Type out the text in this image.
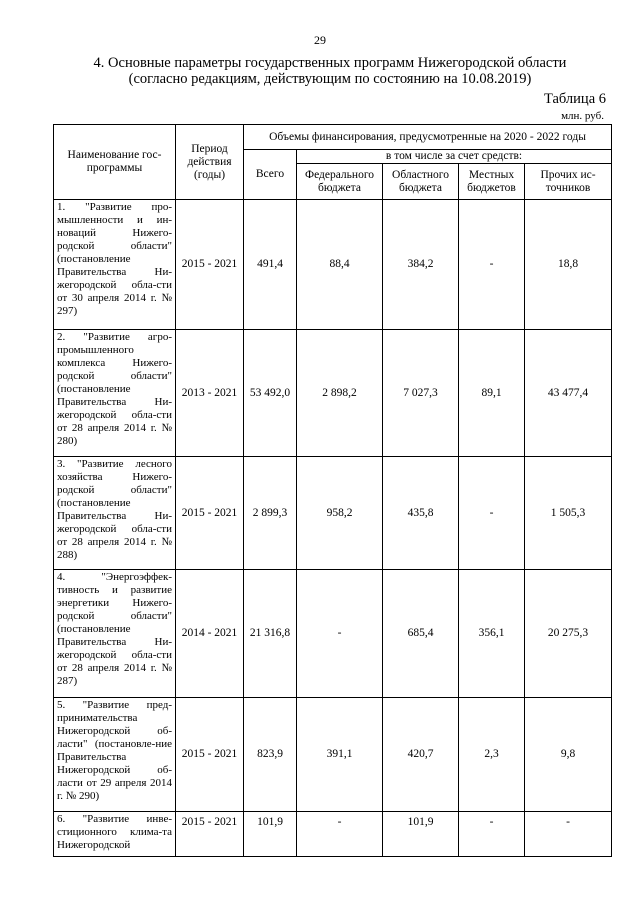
29
4. Основные параметры государственных программ Нижегородской области
(согласно редакциям, действующим по состоянию на 10.08.2019)
Таблица 6
млн. руб.
Наименование гос-программы	Период действия (годы)	Объемы финансирования, предусмотренные на 2020 - 2022 годы				
		Всего	в том числе за счет средств:			
			Федерального бюджета	Областного бюджета	Местных бюджетов	Прочих ис-точников
1. "Развитие про-мышленности и ин-новаций Нижего-родской области" (постановление Правительства Ни-жегородской обла-сти от 30 апреля 2014 г. № 297)	2015 - 2021	491,4	88,4	384,2	-	18,8
2. "Развитие агро-промышленного комплекса Нижего-родской области" (постановление Правительства Ни-жегородской обла-сти от 28 апреля 2014 г. № 280)	2013 - 2021	53 492,0	2 898,2	7 027,3	89,1	43 477,4
3. "Развитие лесного хозяйства Нижего-родской области" (постановление Правительства Ни-жегородской обла-сти от 28 апреля 2014 г. № 288)	2015 - 2021	2 899,3	958,2	435,8	-	1 505,3
4. "Энергоэффек-тивность и развитие энергетики Нижего-родской области" (постановление Правительства Ни-жегородской обла-сти от 28 апреля 2014 г. № 287)	2014 - 2021	21 316,8	-	685,4	356,1	20 275,3
5. "Развитие пред-принимательства Нижегородской об-ласти" (постановле-ние Правительства Нижегородской об-ласти от 29 апреля 2014 г. № 290)	2015 - 2021	823,9	391,1	420,7	2,3	9,8
6. "Развитие инве-стиционного клима-та Нижегородской	2015 - 2021	101,9	-	101,9	-	-
